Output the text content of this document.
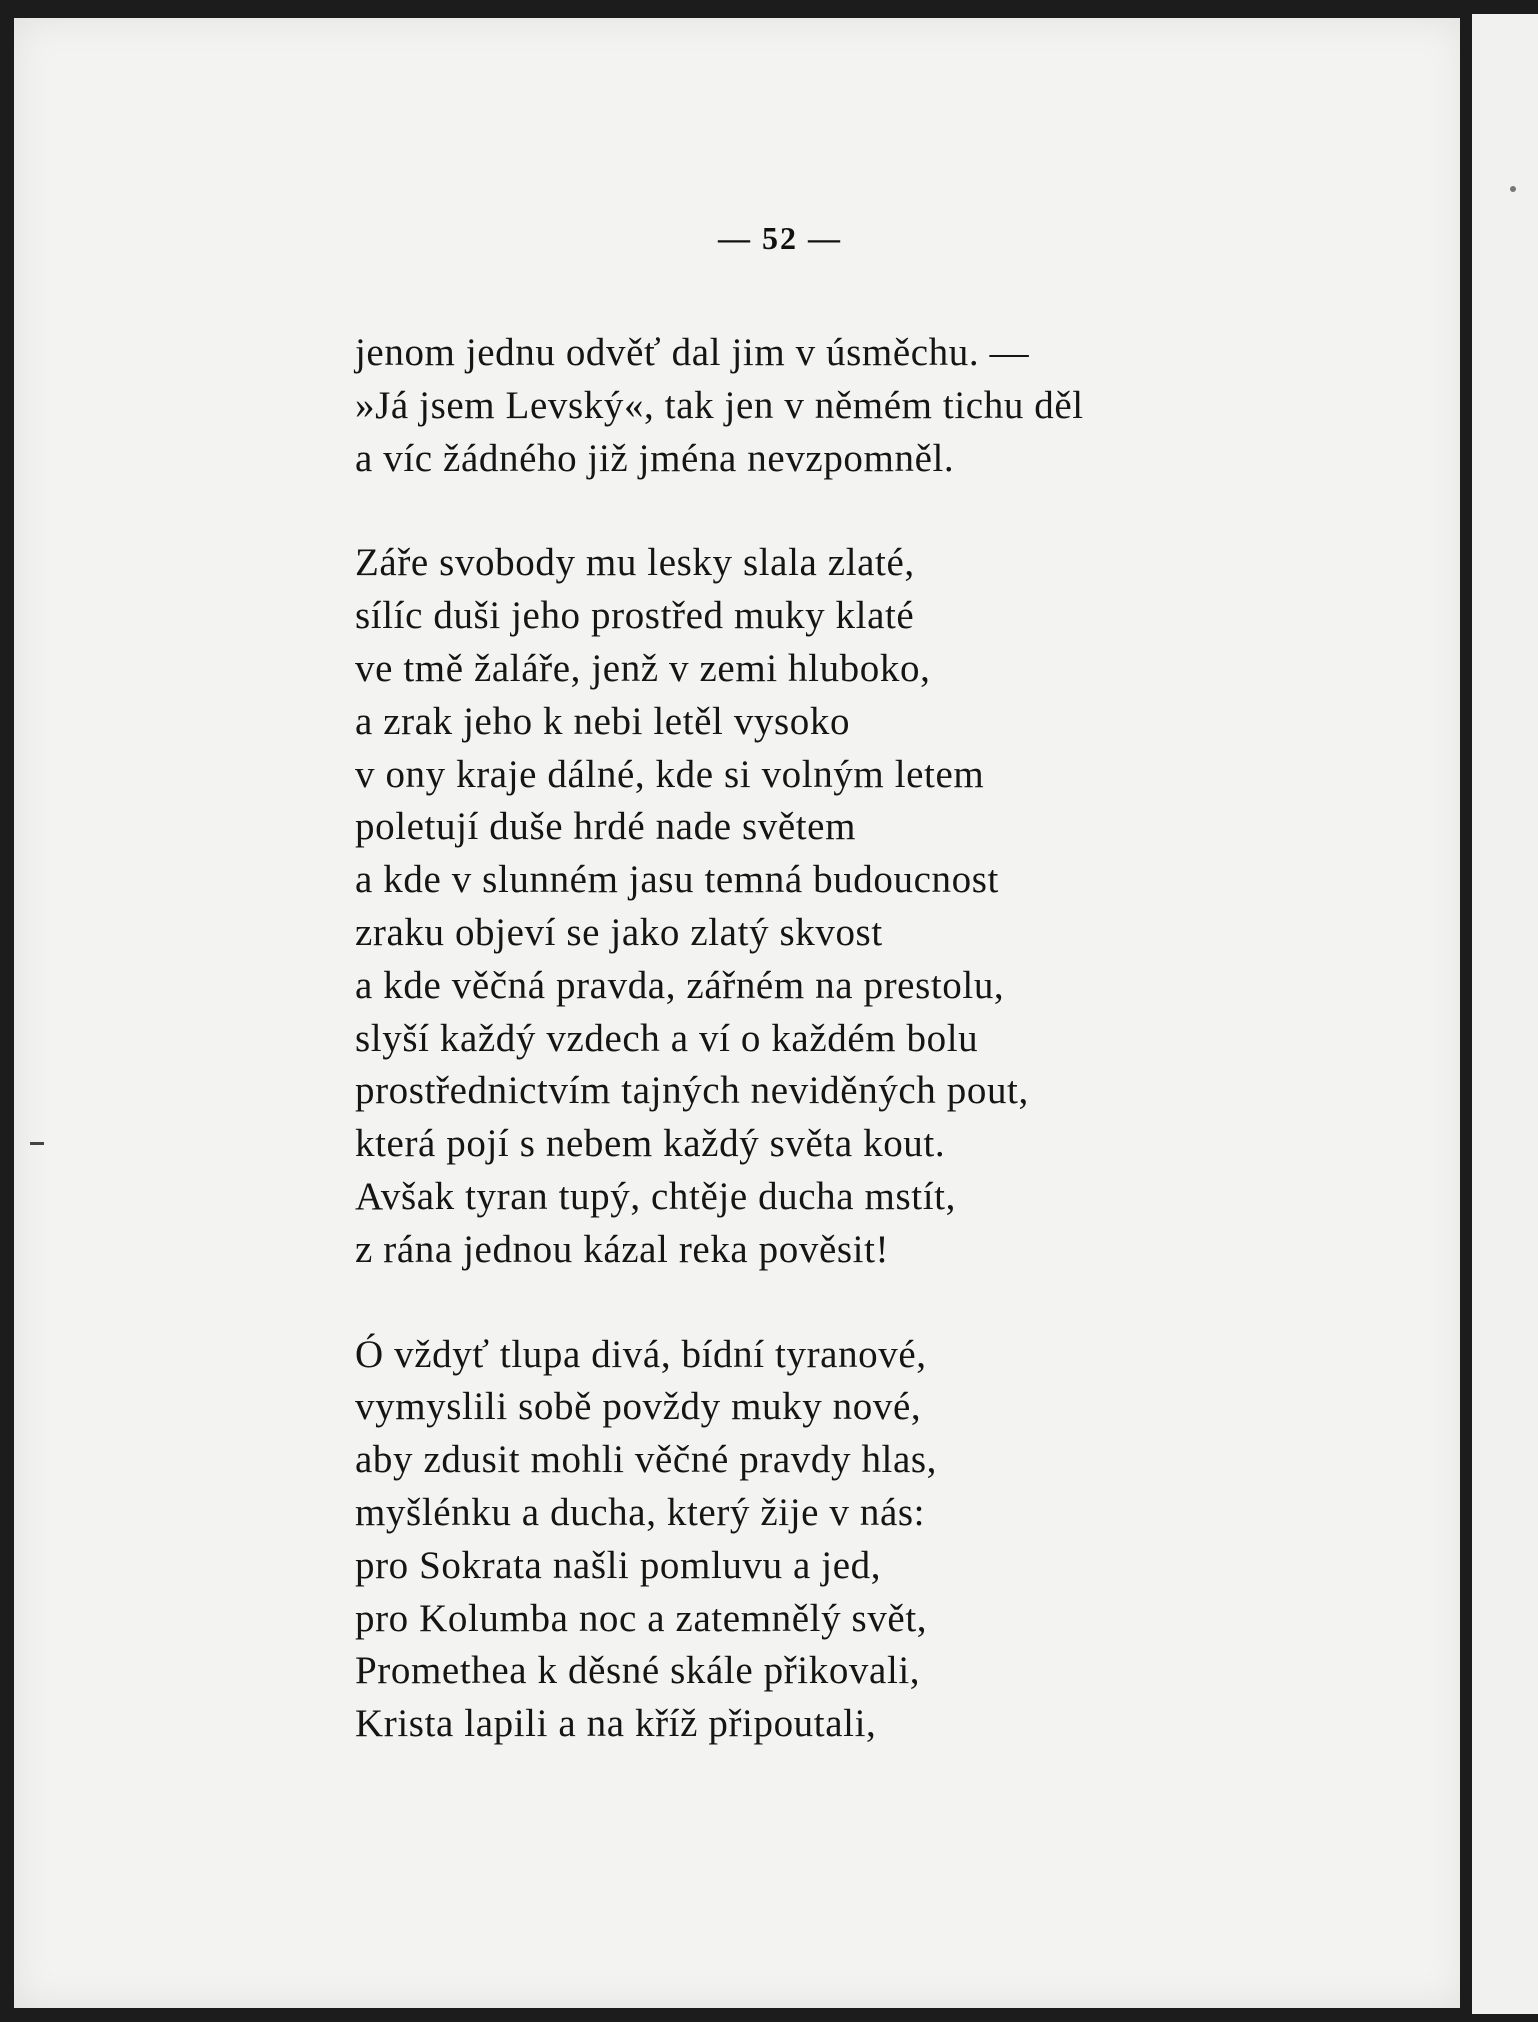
— 52 —
jenom jednu odvěť dal jim v úsměchu. —
»Já jsem Levský«, tak jen v němém tichu děl
a víc žádného již jména nevzpomněl.
Záře svobody mu lesky slala zlaté,
sílíc duši jeho prostřed muky klaté
ve tmě žaláře, jenž v zemi hluboko,
a zrak jeho k nebi letěl vysoko
v ony kraje dálné, kde si volným letem
poletují duše hrdé nade světem
a kde v slunném jasu temná budoucnost
zraku objeví se jako zlatý skvost
a kde věčná pravda, zářném na prestolu,
slyší každý vzdech a ví o každém bolu
prostřednictvím tajných neviděných pout,
která pojí s nebem každý světa kout.
Avšak tyran tupý, chtěje ducha mstít,
z rána jednou kázal reka pověsit!
Ó vždyť tlupa divá, bídní tyranové,
vymyslili sobě povždy muky nové,
aby zdusit mohli věčné pravdy hlas,
myšlénku a ducha, který žije v nás:
pro Sokrata našli pomluvu a jed,
pro Kolumba noc a zatemnělý svět,
Promethea k děsné skále přikovali,
Krista lapili a na kříž připoutali,
